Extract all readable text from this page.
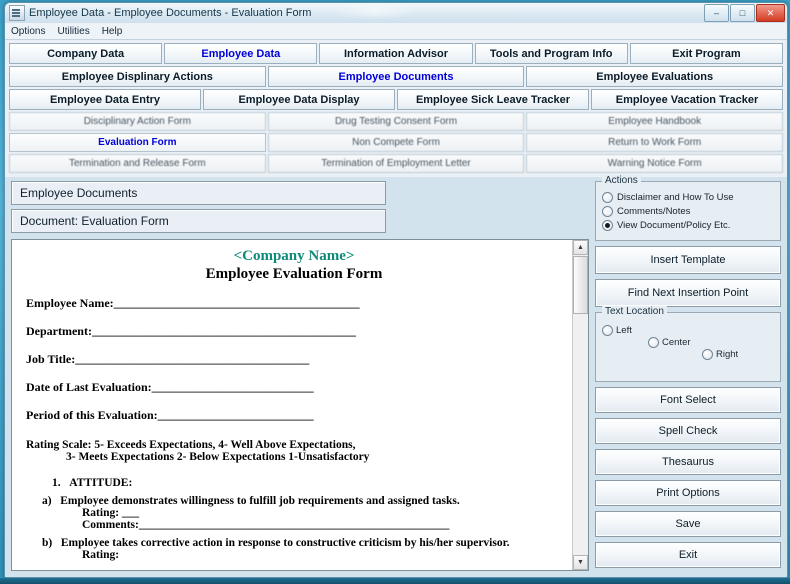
Employee Data - Employee Documents - Evaluation Form	–	□	✕
Options Utilities Help
Company Data	Employee Data	Information Advisor	Tools and Program Info	Exit Program
Employee Displinary Actions	Employee Documents	Employee Evaluations
Employee Data Entry	Employee Data Display	Employee Sick Leave Tracker	Employee Vacation Tracker
Disciplinary Action Form	Drug Testing Consent Form	Employee Handbook
Evaluation Form	Non Compete Form	Return to Work Form
Termination and Release Form	Termination of Employment Letter	Warning Notice Form
Employee Documents
Document: Evaluation Form
<Company Name>
Employee Evaluation Form
Employee Name:_________________________________________
Department:____________________________________________
Job Title:_______________________________________
Date of Last Evaluation:___________________________
Period of this Evaluation:__________________________
Rating Scale: 5- Exceeds Expectations, 4- Well Above Expectations,
3- Meets Expectations 2- Below Expectations 1-Unsatisfactory
1. ATTITUDE:
a) Employee demonstrates willingness to fulfill job requirements and assigned tasks.
Rating: ___
Comments:______________________________________________________
b) Employee takes corrective action in response to constructive criticism by his/her supervisor.
Rating:
▲
▼
Actions
Disclaimer and How To Use
Comments/Notes
View Document/Policy Etc.
Insert Template
Find Next Insertion Point
Text Location
Left
Center
Right
Font Select
Spell Check
Thesaurus
Print Options
Save
Exit
